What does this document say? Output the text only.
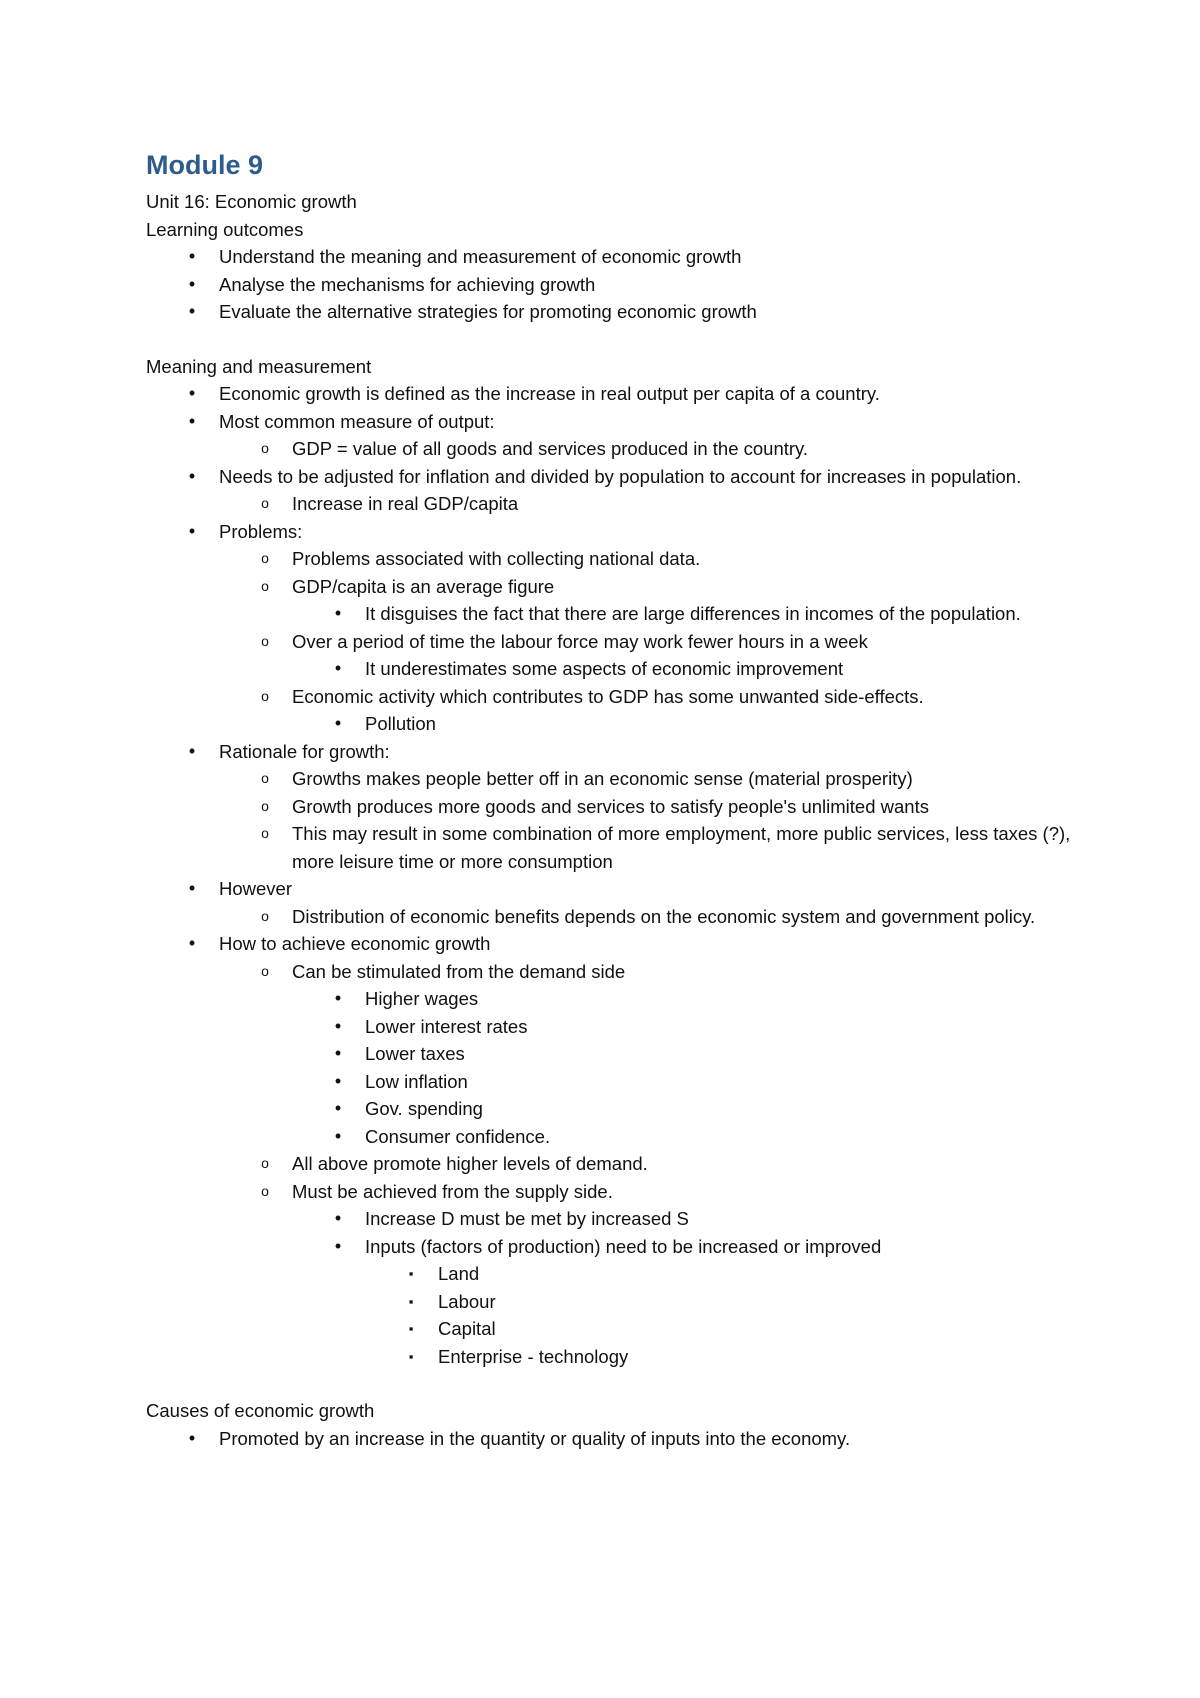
Module 9
Unit 16: Economic growth
Learning outcomes
•	Understand the meaning and measurement of economic growth
•	Analyse the mechanisms for achieving growth
•	Evaluate the alternative strategies for promoting economic growth
Meaning and measurement
•	Economic growth is defined as the increase in real output per capita of a country.
•	Most common measure of output:
o	GDP = value of all goods and services produced in the country.
•	Needs to be adjusted for inflation and divided by population to account for increases in population.
o	Increase in real GDP/capita
•	Problems:
o	Problems associated with collecting national data.
o	GDP/capita is an average figure
•	It disguises the fact that there are large differences in incomes of the population.
o	Over a period of time the labour force may work fewer hours in a week
•	It underestimates some aspects of economic improvement
o	Economic activity which contributes to GDP has some unwanted side-effects.
•	Pollution
•	Rationale for growth:
o	Growths makes people better off in an economic sense (material prosperity)
o	Growth produces more goods and services to satisfy people's unlimited wants
o	This may result in some combination of more employment, more public services, less taxes (?), more leisure time or more consumption
•	However
o	Distribution of economic benefits depends on the economic system and government policy.
•	How to achieve economic growth
o	Can be stimulated from the demand side
•	Higher wages
•	Lower interest rates
•	Lower taxes
•	Low inflation
•	Gov. spending
•	Consumer confidence.
o	All above promote higher levels of demand.
o	Must be achieved from the supply side.
•	Increase D must be met by increased S
•	Inputs (factors of production) need to be increased or improved
▪	Land
▪	Labour
▪	Capital
▪	Enterprise - technology
Causes of economic growth
•	Promoted by an increase in the quantity or quality of inputs into the economy.
